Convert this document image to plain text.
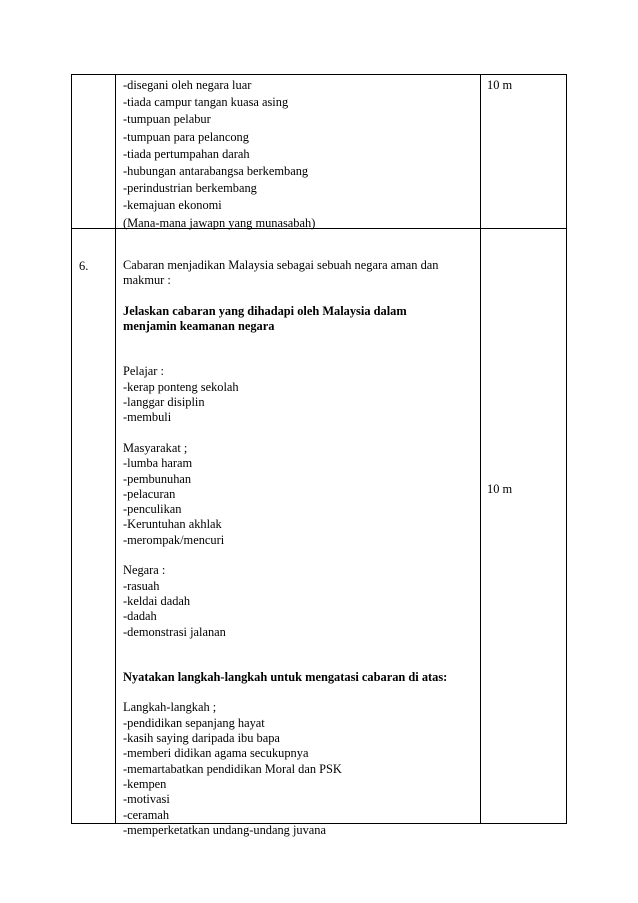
-disegani oleh negara luar
-tiada campur tangan kuasa asing
-tumpuan pelabur
-tumpuan para pelancong
-tiada pertumpahan darah
-hubungan antarabangsa berkembang
-perindustrian berkembang
-kemajuan ekonomi
(Mana-mana jawapn yang munasabah)
10 m
6.	Cabaran menjadikan Malaysia sebagai sebuah negara aman dan
makmur :
Jelaskan cabaran yang dihadapi oleh Malaysia dalam
menjamin keamanan negara
Pelajar :
-kerap ponteng sekolah
-langgar disiplin
-membuli
Masyarakat ;
-lumba haram
-pembunuhan
-pelacuran
-penculikan
-Keruntuhan akhlak
-merompak/mencuri
Negara :
-rasuah
-keldai dadah
-dadah
-demonstrasi jalanan
Nyatakan langkah-langkah untuk mengatasi cabaran di atas:
Langkah-langkah ;
-pendidikan sepanjang hayat
-kasih saying daripada ibu bapa
-memberi didikan agama secukupnya
-memartabatkan pendidikan Moral dan PSK
-kempen
-motivasi
-ceramah
-memperketatkan undang-undang juvana
10 m
